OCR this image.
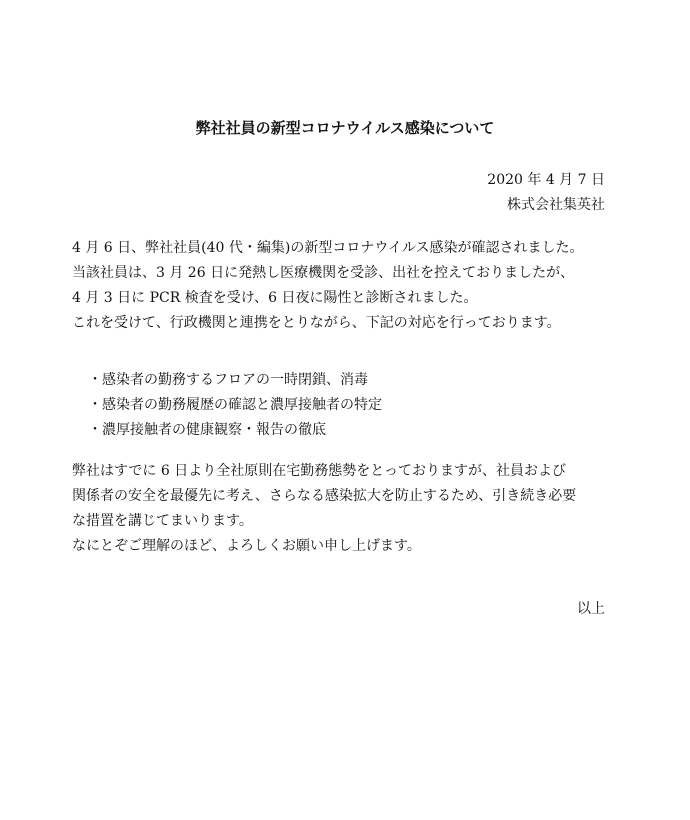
弊社社員の新型コロナウイルス感染について
2020 年 4 月 7 日
株式会社集英社
4 月 6 日、弊社社員(40 代・編集)の新型コロナウイルス感染が確認されました。
当該社員は、3 月 26 日に発熱し医療機関を受診、出社を控えておりましたが、
4 月 3 日に PCR 検査を受け、6 日夜に陽性と診断されました。
これを受けて、行政機関と連携をとりながら、下記の対応を行っております。
・感染者の勤務するフロアの一時閉鎖、消毒
・感染者の勤務履歴の確認と濃厚接触者の特定
・濃厚接触者の健康観察・報告の徹底
弊社はすでに 6 日より全社原則在宅勤務態勢をとっておりますが、社員および
関係者の安全を最優先に考え、さらなる感染拡大を防止するため、引き続き必要
な措置を講じてまいります。
なにとぞご理解のほど、よろしくお願い申し上げます。
以上
